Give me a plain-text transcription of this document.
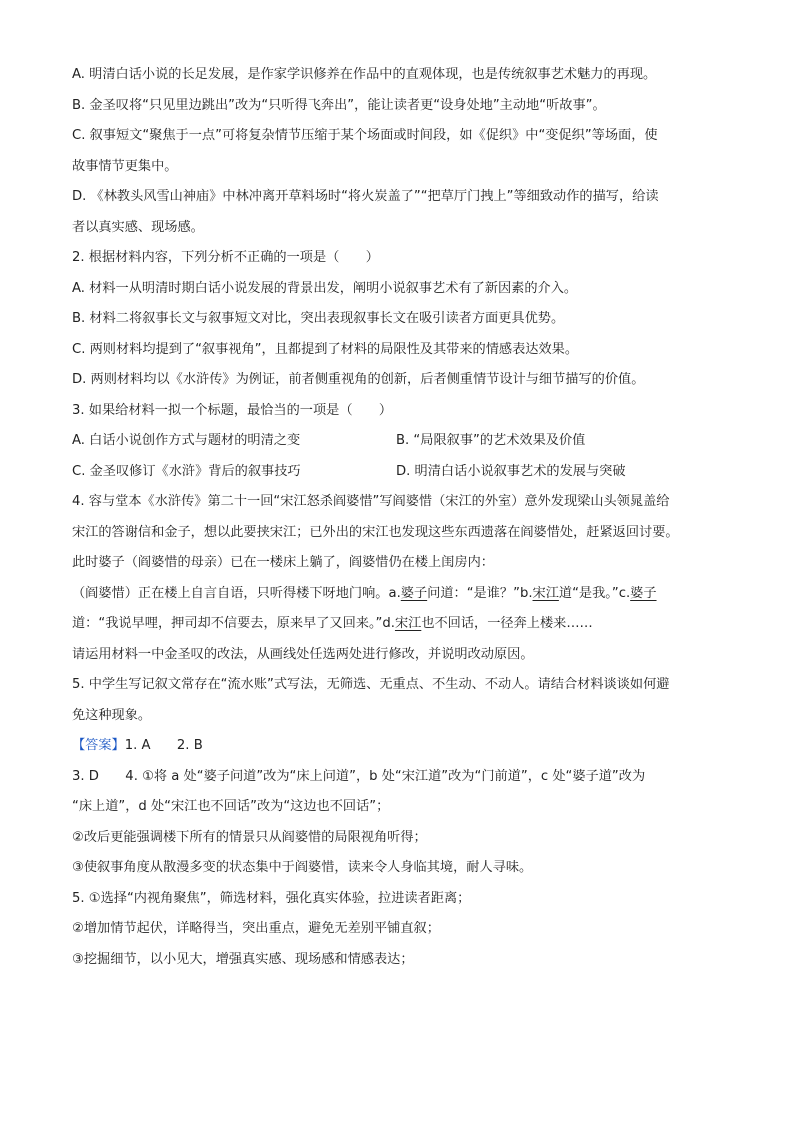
A. 明清白话小说的长足发展，是作家学识修养在作品中的直观体现，也是传统叙事艺术魅力的再现。

B. 金圣叹将“只见里边跳出”改为“只听得飞奔出”，能让读者更“设身处地”主动地“听故事”。

C. 叙事短文“聚焦于一点”可将复杂情节压缩于某个场面或时间段，如《促织》中“变促织”等场面，使

故事情节更集中。

D. 《林教头风雪山神庙》中林冲离开草料场时“将火炭盖了”“把草厅门拽上”等细致动作的描写，给读

者以真实感、现场感。

2. 根据材料内容，下列分析不正确的一项是（　　）

A. 材料一从明清时期白话小说发展的背景出发，阐明小说叙事艺术有了新因素的介入。

B. 材料二将叙事长文与叙事短文对比，突出表现叙事长文在吸引读者方面更具优势。

C. 两则材料均提到了“叙事视角”，且都提到了材料的局限性及其带来的情感表达效果。

D. 两则材料均以《水浒传》为例证，前者侧重视角的创新，后者侧重情节设计与细节描写的价值。

3. 如果给材料一拟一个标题，最恰当的一项是（　　）

A. 白话小说创作方式与题材的明清之变	B. “局限叙事”的艺术效果及价值

C. 金圣叹修订《水浒》背后的叙事技巧	D. 明清白话小说叙事艺术的发展与突破

4. 容与堂本《水浒传》第二十一回“宋江怒杀阎婆惜”写阎婆惜（宋江的外室）意外发现梁山头领晁盖给

宋江的答谢信和金子，想以此要挟宋江；已外出的宋江也发现这些东西遗落在阎婆惜处，赶紧返回讨要。

此时婆子（阎婆惜的母亲）已在一楼床上躺了，阎婆惜仍在楼上闺房内：

（阎婆惜）正在楼上自言自语，只听得楼下呀地门响。a.婆子问道：“是谁？”b.宋江道“是我。”c.婆子

道：“我说早哩，押司却不信要去，原来早了又回来。”d.宋江也不回话，一径奔上楼来……

请运用材料一中金圣叹的改法，从画线处任选两处进行修改，并说明改动原因。

5. 中学生写记叙文常存在“流水账”式写法，无筛选、无重点、不生动、不动人。请结合材料谈谈如何避

免这种现象。

【答案】1. A　　2. B

3. D　　4. ①将 a 处“婆子问道”改为“床上问道”，b 处“宋江道”改为“门前道”，c 处“婆子道”改为

“床上道”，d 处“宋江也不回话”改为“这边也不回话”；

②改后更能强调楼下所有的情景只从阎婆惜的局限视角听得；

③使叙事角度从散漫多变的状态集中于阎婆惜，读来令人身临其境，耐人寻味。

5. ①选择“内视角聚焦”，筛选材料，强化真实体验，拉进读者距离；

②增加情节起伏，详略得当，突出重点，避免无差别平铺直叙；

③挖掘细节，以小见大，增强真实感、现场感和情感表达；
